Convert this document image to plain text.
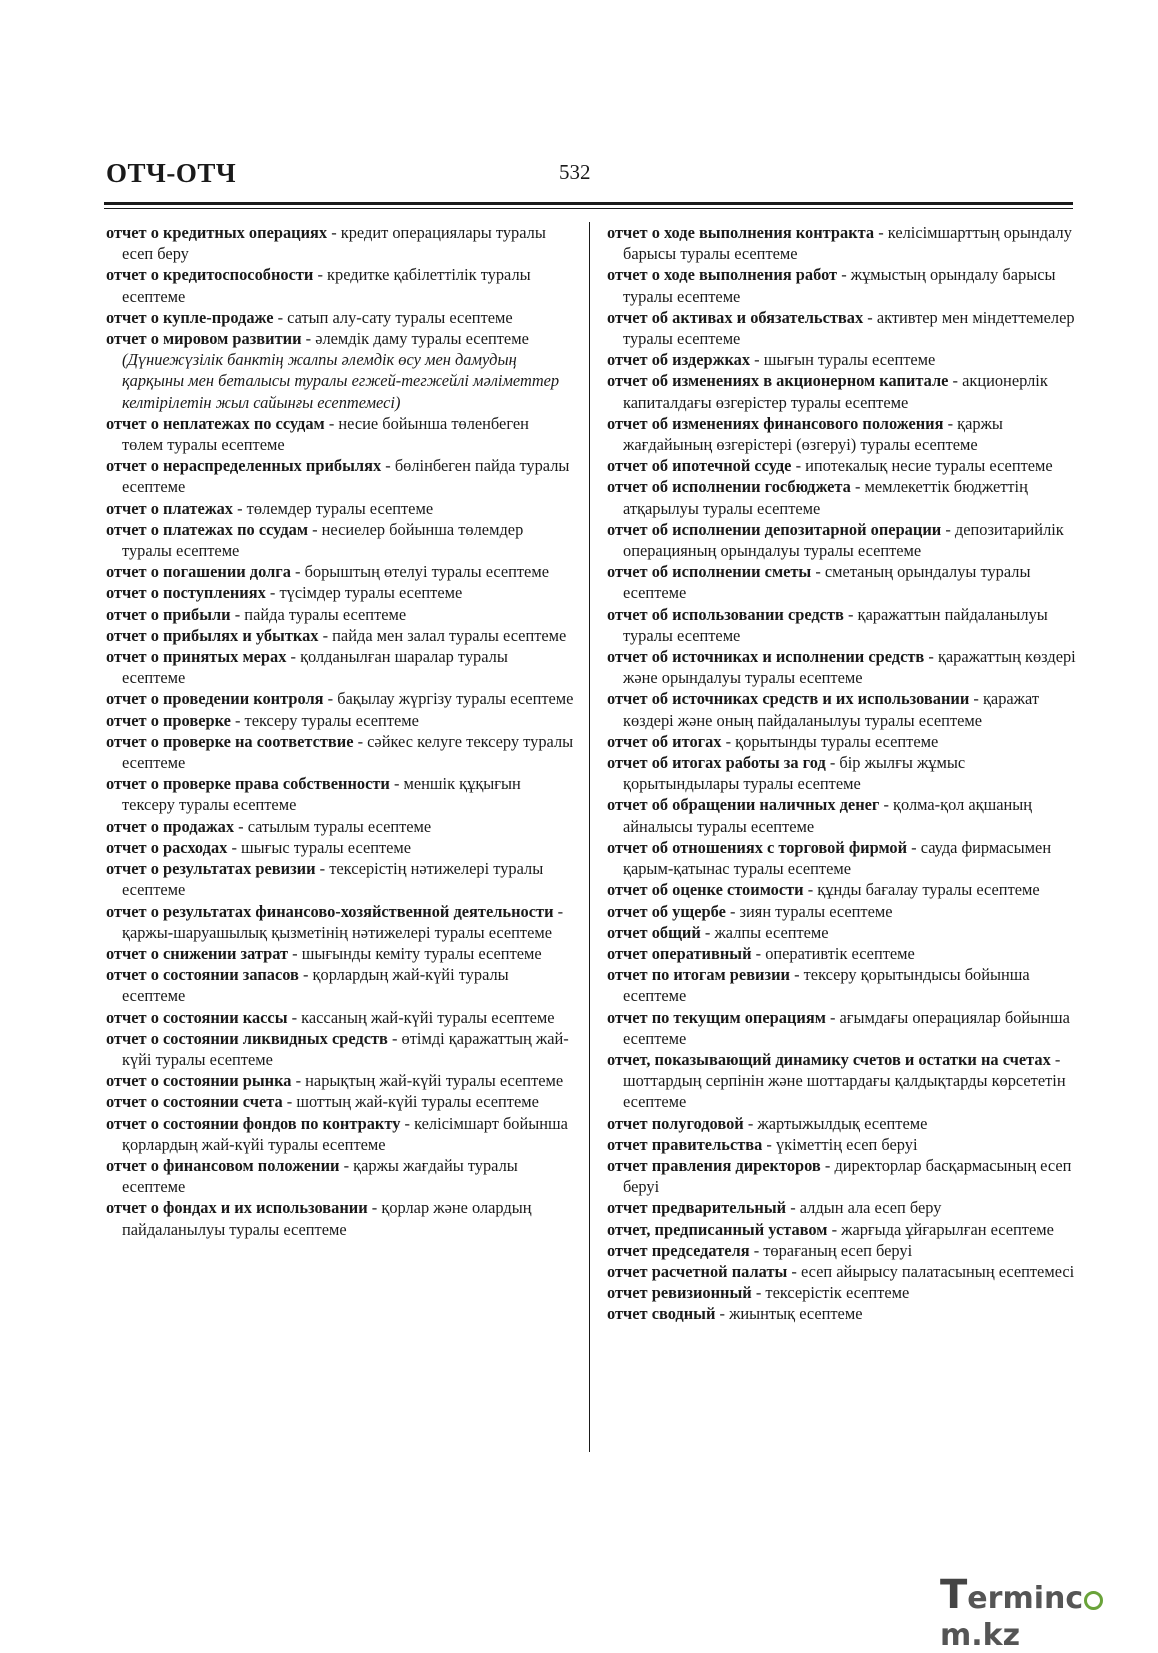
ОТЧ-ОТЧ	532
отчет о кредитных операциях - кредит операциялары туралы есеп беру
отчет о кредитоспособности - кредитке қабілеттілік туралы есептеме
отчет о купле-продаже - сатып алу-сату туралы есептеме
отчет о мировом развитии - әлемдік даму туралы есептеме (Дүниежүзілік банктің жалпы әлемдік өсу мен дамудың қарқыны мен беталысы туралы егжей-тегжейлі мәліметтер келтірілетін жыл сайынғы есептемесі)
отчет о неплатежах по ссудам - несие бойынша төленбеген төлем туралы есептеме
отчет о нераспределенных прибылях - бөлінбеген пайда туралы есептеме
отчет о платежах - төлемдер туралы есептеме
отчет о платежах по ссудам - несиелер бойынша төлемдер туралы есептеме
отчет о погашении долга - борыштың өтелуі туралы есептеме
отчет о поступлениях - түсімдер туралы есептеме
отчет о прибыли - пайда туралы есептеме
отчет о прибылях и убытках - пайда мен залал туралы есептеме
отчет о принятых мерах - қолданылған шаралар туралы есептеме
отчет о проведении контроля - бақылау жүргізу туралы есептеме
отчет о проверке - тексеру туралы есептеме
отчет о проверке на соответствие - сәйкес келуге тексеру туралы есептеме
отчет о проверке права собственности - меншік құқығын тексеру туралы есептеме
отчет о продажах - сатылым туралы есептеме
отчет о расходах - шығыс туралы есептеме
отчет о результатах ревизии - тексерістің нәтижелері туралы есептеме
отчет о результатах финансово-хозяйственной деятельности - қаржы-шаруашылық қызметінің нәтижелері туралы есептеме
отчет о снижении затрат - шығынды кеміту туралы есептеме
отчет о состоянии запасов - қорлардың жай-күйі туралы есептеме
отчет о состоянии кассы - кассаның жай-күйі туралы есептеме
отчет о состоянии ликвидных средств - өтімді қаражаттың жай-күйі туралы есептеме
отчет о состоянии рынка - нарықтың жай-күйі туралы есептеме
отчет о состоянии счета - шоттың жай-күйі туралы есептеме
отчет о состоянии фондов по контракту - келісімшарт бойынша қорлардың жай-күйі туралы есептеме
отчет о финансовом положении - қаржы жағдайы туралы есептеме
отчет о фондах и их использовании - қорлар және олардың пайдаланылуы туралы есептеме
отчет о ходе выполнения контракта - келісімшарттың орындалу барысы туралы есептеме
отчет о ходе выполнения работ - жұмыстың орындалу барысы туралы есептеме
отчет об активах и обязательствах - активтер мен міндеттемелер туралы есептеме
отчет об издержках - шығын туралы есептеме
отчет об изменениях в акционерном капитале - акционерлік капиталдағы өзгерістер туралы есептеме
отчет об изменениях финансового положения - қаржы жағдайының өзгерістері (өзгеруі) туралы есептеме
отчет об ипотечной ссуде - ипотекалық несие туралы есептеме
отчет об исполнении госбюджета - мемлекеттік бюджеттің атқарылуы туралы есептеме
отчет об исполнении депозитарной операции - депозитарийлік операцияның орындалуы туралы есептеме
отчет об исполнении сметы - сметаның орындалуы туралы есептеме
отчет об использовании средств - қаражаттын пайдаланылуы туралы есептеме
отчет об источниках и исполнении средств - қаражаттың көздері және орындалуы туралы есептеме
отчет об источниках средств и их использовании - қаражат көздері және оның пайдаланылуы туралы есептеме
отчет об итогах - қорытынды туралы есептеме
отчет об итогах работы за год - бір жылғы жұмыс қорытындылары туралы есептеме
отчет об обращении наличных денег - қолма-қол ақшаның айналысы туралы есептеме
отчет об отношениях с торговой фирмой - сауда фирмасымен қарым-қатынас туралы есептеме
отчет об оценке стоимости - құнды бағалау туралы есептеме
отчет об ущербе - зиян туралы есептеме
отчет общий - жалпы есептеме
отчет оперативный - оперативтік есептеме
отчет по итогам ревизии - тексеру қорытындысы бойынша есептеме
отчет по текущим операциям - ағымдағы операциялар бойынша есептеме
отчет, показывающий динамику счетов и остатки на счетах - шоттардың серпінін және шоттардағы қалдықтарды көрсететін есептеме
отчет полугодовой - жартыжылдық есептеме
отчет правительства - үкіметтің есеп беруі
отчет правления директоров - директорлар басқармасының есеп беруі
отчет предварительный - алдын ала есеп беру
отчет, предписанный уставом - жарғыда ұйғарылған есептеме
отчет председателя - төрағаның есеп беруі
отчет расчетной палаты - есеп айырысу палатасының есептемесі
отчет ревизионный - тексерістік есептеме
отчет сводный - жиынтық есептеме
Termincm.kz
